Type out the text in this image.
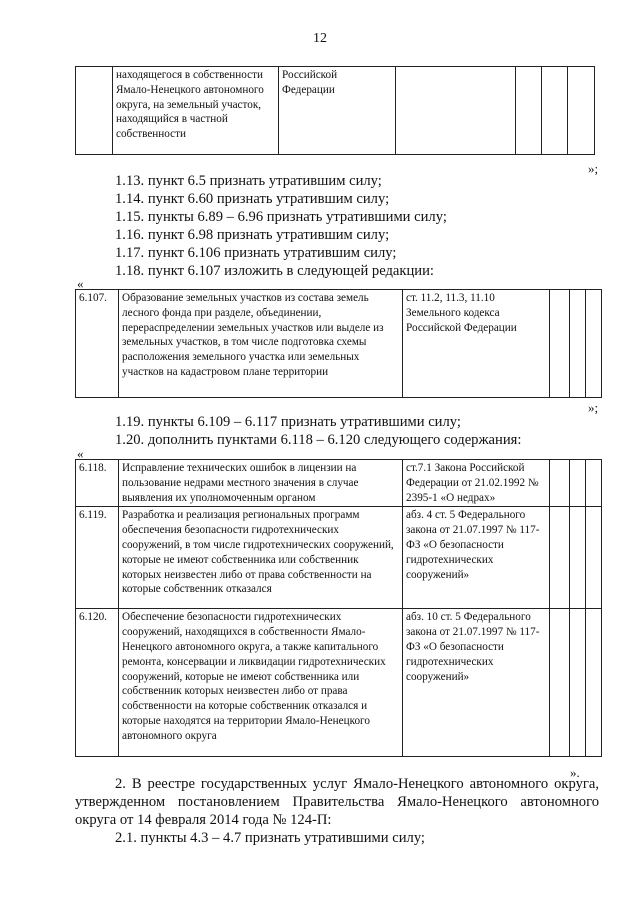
12
	находящегося в собственности Ямало-Ненецкого автономного округа, на земельный участок, находящийся в частной собственности	Российской Федерации				
»;
1.13. пункт 6.5 признать утратившим силу;
1.14. пункт 6.60 признать утратившим силу;
1.15. пункты 6.89 – 6.96 признать утратившими силу;
1.16. пункт 6.98 признать утратившим силу;
1.17. пункт 6.106 признать утратившим силу;
1.18. пункт 6.107 изложить в следующей редакции:
«
6.107.	Образование земельных участков из состава земель лесного фонда при разделе, объединении, перераспределении земельных участков или выделе из земельных участков, в том числе подготовка схемы расположения земельного участка или земельных участков на кадастровом плане территории	ст. 11.2, 11.3, 11.10 Земельного кодекса Российской Федерации			
»;
1.19. пункты 6.109 – 6.117 признать утратившими силу;
1.20. дополнить пунктами 6.118 – 6.120 следующего содержания:
«
6.118.	Исправление технических ошибок в лицензии на пользование недрами местного значения в случае выявления их уполномоченным органом	ст.7.1 Закона Российской Федерации от 21.02.1992 № 2395-1 «О недрах»			
6.119.	Разработка и реализация региональных программ обеспечения безопасности гидротехнических сооружений, в том числе гидротехнических сооружений, которые не имеют собственника или собственник которых неизвестен либо от права собственности на которые собственник отказался	абз. 4 ст. 5 Федерального закона от 21.07.1997 № 117-ФЗ «О безопасности гидротехнических сооружений»			
6.120.	Обеспечение безопасности гидротехнических сооружений, находящихся в собственности Ямало-Ненецкого автономного округа, а также капитального ремонта, консервации и ликвидации гидротехнических сооружений, которые не имеют собственника или собственник которых неизвестен либо от права собственности на которые собственник отказался и которые находятся на территории Ямало-Ненецкого автономного округа	абз. 10 ст. 5 Федерального закона от 21.07.1997 № 117-ФЗ «О безопасности гидротехнических сооружений»			
».
2. В реестре государственных услуг Ямало-Ненецкого автономного округа,
утвержденном постановлением Правительства Ямало-Ненецкого автономного
округа от 14 февраля 2014 года № 124-П:
2.1. пункты 4.3 – 4.7 признать утратившими силу;
